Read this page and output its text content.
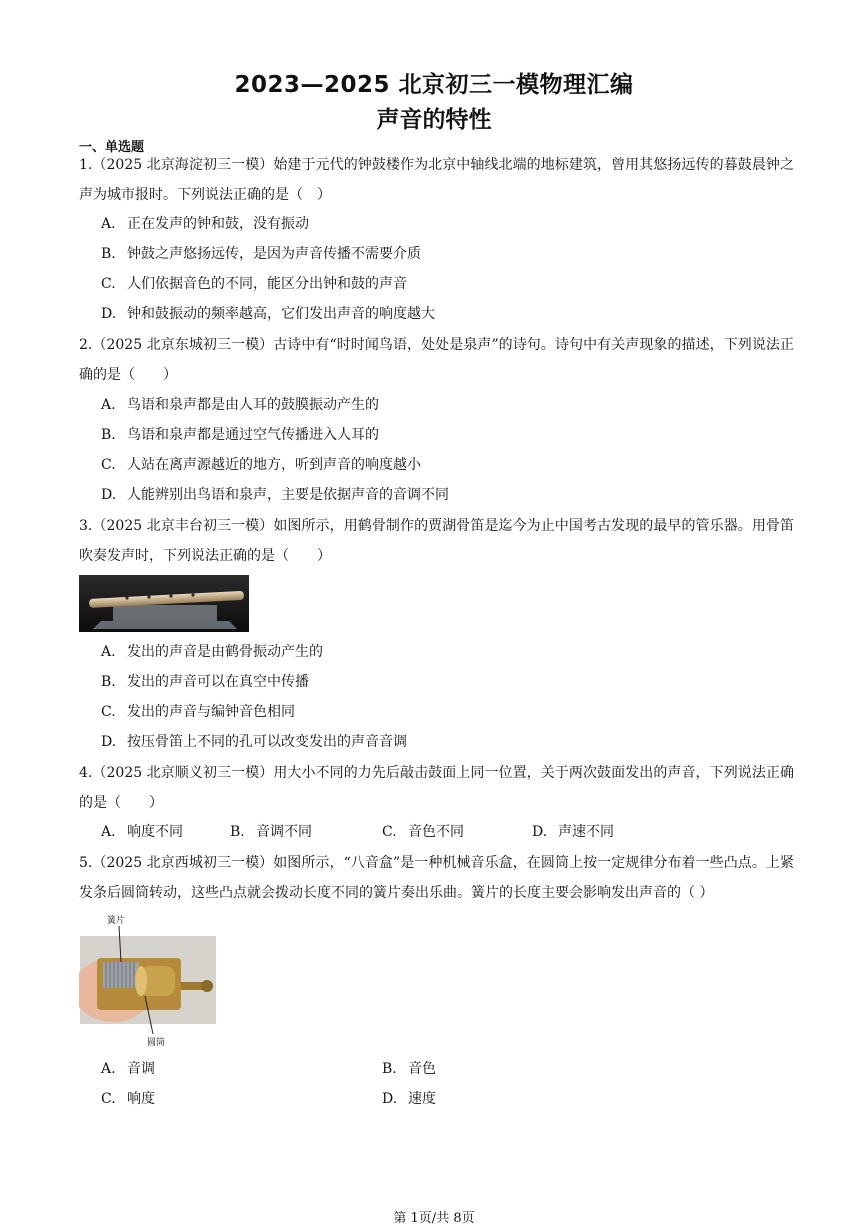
2023—2025 北京初三一模物理汇编
声音的特性
一、单选题
1.（2025 北京海淀初三一模）始建于元代的钟鼓楼作为北京中轴线北端的地标建筑，曾用其悠扬远传的暮鼓晨钟之声为城市报时。下列说法正确的是（　）
A. 正在发声的钟和鼓，没有振动
B. 钟鼓之声悠扬远传，是因为声音传播不需要介质
C. 人们依据音色的不同，能区分出钟和鼓的声音
D. 钟和鼓振动的频率越高，它们发出声音的响度越大
2.（2025 北京东城初三一模）古诗中有“时时闻鸟语，处处是泉声”的诗句。诗句中有关声现象的描述，下列说法正确的是（　　）
A. 鸟语和泉声都是由人耳的鼓膜振动产生的
B. 鸟语和泉声都是通过空气传播进入人耳的
C. 人站在离声源越近的地方，听到声音的响度越小
D. 人能辨别出鸟语和泉声，主要是依据声音的音调不同
3.（2025 北京丰台初三一模）如图所示，用鹤骨制作的贾湖骨笛是迄今为止中国考古发现的最早的管乐器。用骨笛吹奏发声时，下列说法正确的是（　　）
A. 发出的声音是由鹤骨振动产生的
B. 发出的声音可以在真空中传播
C. 发出的声音与编钟音色相同
D. 按压骨笛上不同的孔可以改变发出的声音音调
4.（2025 北京顺义初三一模）用大小不同的力先后敲击鼓面上同一位置，关于两次鼓面发出的声音，下列说法正确的是（　　）
A. 响度不同	B. 音调不同	C. 音色不同	D. 声速不同
5.（2025 北京西城初三一模）如图所示，“八音盒”是一种机械音乐盒，在圆筒上按一定规律分布着一些凸点。上紧发条后圆筒转动，这些凸点就会拨动长度不同的簧片奏出乐曲。簧片的长度主要会影响发出声音的（ ）
簧片
圆筒
A. 音调	B. 音色
C. 响度	D. 速度
第 1页/共 8页
